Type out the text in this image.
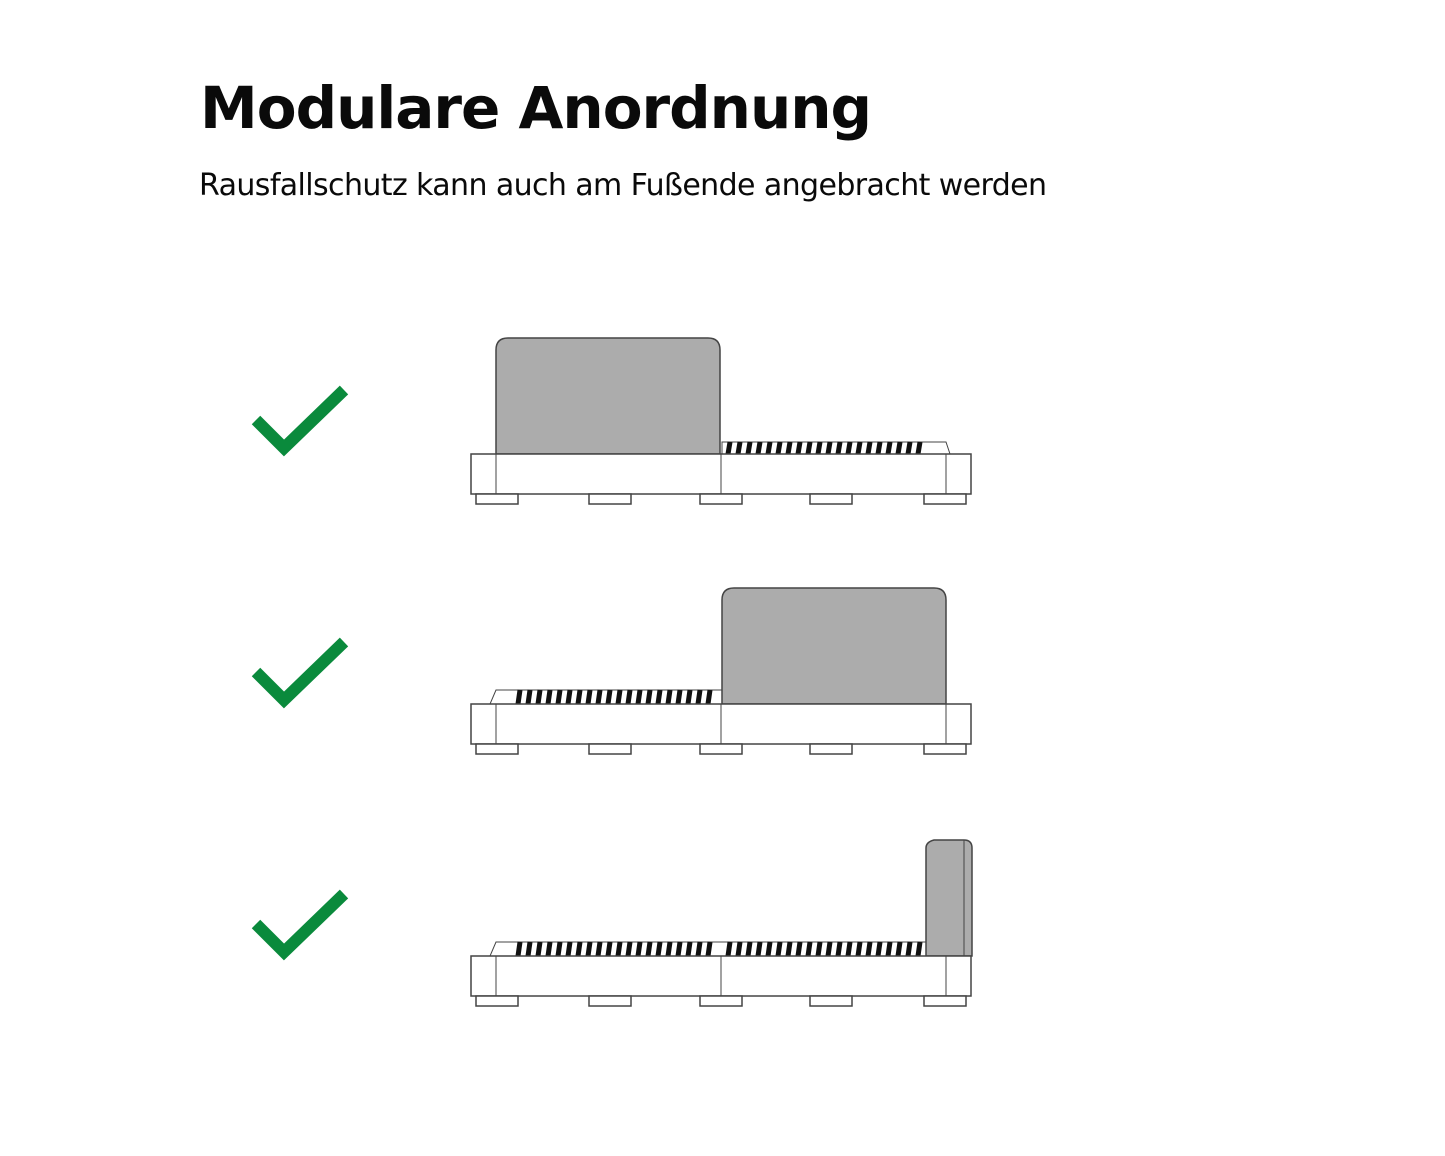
Modulare Anordnung

Rausfallschutz kann auch am Fußende angebracht werden
